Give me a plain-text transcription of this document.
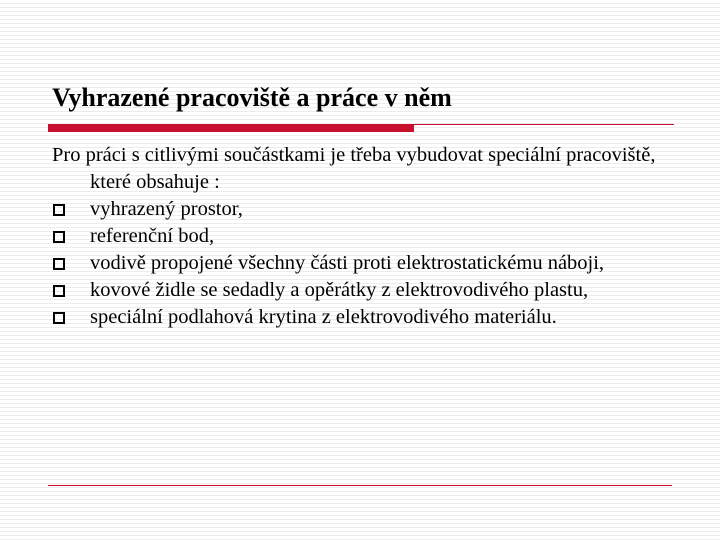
Vyhrazené pracoviště a práce v něm

Pro práci s citlivými součástkami je třeba vybudovat speciální pracoviště, které obsahuje :

vyhrazený prostor,
referenční bod,
vodivě propojené všechny části proti elektrostatickému náboji,
kovové židle se sedadly a opěrátky z elektrovodivého plastu,
speciální podlahová krytina z elektrovodivého materiálu.
